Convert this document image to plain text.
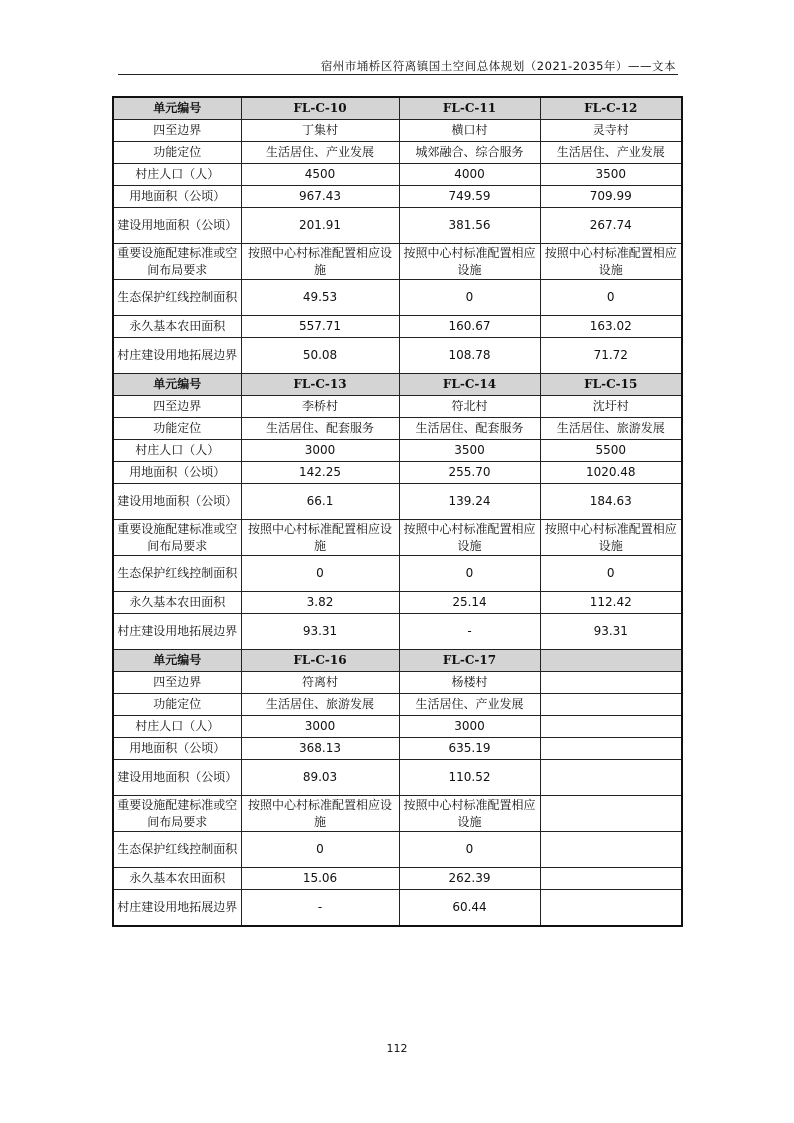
宿州市埇桥区符离镇国土空间总体规划（2021-2035年）——文本
单元编号	FL-C-10	FL-C-11	FL-C-12
四至边界	丁集村	横口村	灵寺村
功能定位	生活居住、产业发展	城郊融合、综合服务	生活居住、产业发展
村庄人口（人）	4500	4000	3500
用地面积（公顷）	967.43	749.59	709.99
建设用地面积（公顷）	201.91	381.56	267.74
重要设施配建标准或空间布局要求	按照中心村标准配置相应设施	按照中心村标准配置相应设施	按照中心村标准配置相应设施
生态保护红线控制面积	49.53	0	0
永久基本农田面积	557.71	160.67	163.02
村庄建设用地拓展边界	50.08	108.78	71.72
单元编号	FL-C-13	FL-C-14	FL-C-15
四至边界	李桥村	符北村	沈圩村
功能定位	生活居住、配套服务	生活居住、配套服务	生活居住、旅游发展
村庄人口（人）	3000	3500	5500
用地面积（公顷）	142.25	255.70	1020.48
建设用地面积（公顷）	66.1	139.24	184.63
重要设施配建标准或空间布局要求	按照中心村标准配置相应设施	按照中心村标准配置相应设施	按照中心村标准配置相应设施
生态保护红线控制面积	0	0	0
永久基本农田面积	3.82	25.14	112.42
村庄建设用地拓展边界	93.31	-	93.31
单元编号	FL-C-16	FL-C-17	
四至边界	符离村	杨楼村	
功能定位	生活居住、旅游发展	生活居住、产业发展	
村庄人口（人）	3000	3000	
用地面积（公顷）	368.13	635.19	
建设用地面积（公顷）	89.03	110.52	
重要设施配建标准或空间布局要求	按照中心村标准配置相应设施	按照中心村标准配置相应设施	
生态保护红线控制面积	0	0	
永久基本农田面积	15.06	262.39	
村庄建设用地拓展边界	-	60.44	
112
